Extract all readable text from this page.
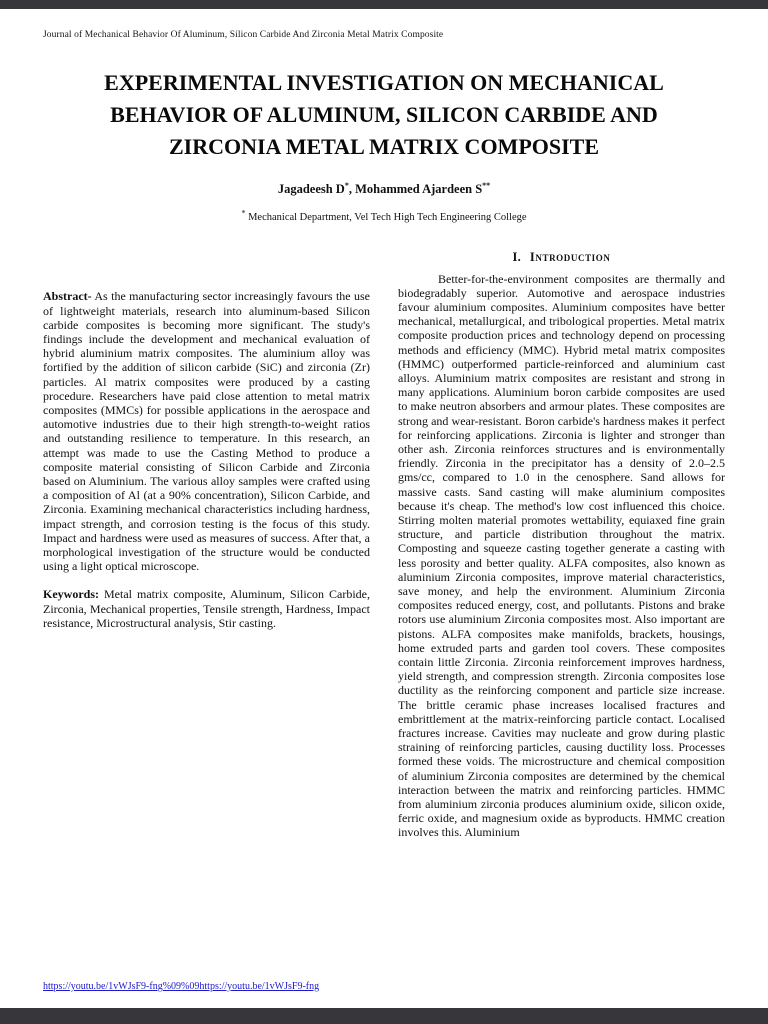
Journal of Mechanical Behavior Of Aluminum, Silicon Carbide And Zirconia Metal Matrix Composite
EXPERIMENTAL INVESTIGATION ON MECHANICAL
BEHAVIOR OF ALUMINUM, SILICON CARBIDE AND
ZIRCONIA METAL MATRIX COMPOSITE
Jagadeesh D*, Mohammed Ajardeen S**
* Mechanical Department, Vel Tech High Tech Engineering College

Abstract- As the manufacturing sector increasingly favours the use of lightweight materials, research into aluminum-based Silicon carbide composites is becoming more significant. The study's findings include the development and mechanical evaluation of hybrid aluminium matrix composites. The aluminium alloy was fortified by the addition of silicon carbide (SiC) and zirconia (Zr) particles. Al matrix composites were produced by a casting procedure. Researchers have paid close attention to metal matrix composites (MMCs) for possible applications in the aerospace and automotive industries due to their high strength-to-weight ratios and outstanding resilience to temperature. In this research, an attempt was made to use the Casting Method to produce a composite material consisting of Silicon Carbide and Zirconia based on Aluminium. The various alloy samples were crafted using a composition of Al (at a 90% concentration), Silicon Carbide, and Zirconia. Examining mechanical characteristics including hardness, impact strength, and corrosion testing is the focus of this study. Impact and hardness were used as measures of success. After that, a morphological investigation of the structure would be conducted using a light optical microscope.

Keywords: Metal matrix composite, Aluminum, Silicon Carbide, Zirconia, Mechanical properties, Tensile strength, Hardness, Impact resistance, Microstructural analysis, Stir casting.

I. Introduction

Better-for-the-environment composites are thermally and biodegradably superior. Automotive and aerospace industries favour aluminium composites. Aluminium composites have better mechanical, metallurgical, and tribological properties. Metal matrix composite production prices and technology depend on processing methods and efficiency (MMC). Hybrid metal matrix composites (HMMC) outperformed particle-reinforced and aluminium cast alloys. Aluminium matrix composites are resistant and strong in many applications. Aluminium boron carbide composites are used to make neutron absorbers and armour plates. These composites are strong and wear-resistant. Boron carbide's hardness makes it perfect for reinforcing applications. Zirconia is lighter and stronger than other ash. Zirconia reinforces structures and is environmentally friendly. Zirconia in the precipitator has a density of 2.0–2.5 gms/cc, compared to 1.0 in the cenosphere. Sand allows for massive casts. Sand casting will make aluminium composites because it's cheap. The method's low cost influenced this choice. Stirring molten material promotes wettability, equiaxed fine grain structure, and particle distribution throughout the matrix. Composting and squeeze casting together generate a casting with less porosity and better quality. ALFA composites, also known as aluminium Zirconia composites, improve material characteristics, save money, and help the environment. Aluminium Zirconia composites reduced energy, cost, and pollutants. Pistons and brake rotors use aluminium Zirconia composites most. Also important are pistons. ALFA composites make manifolds, brackets, housings, home extruded parts and garden tool covers. These composites contain little Zirconia. Zirconia reinforcement improves hardness, yield strength, and compression strength. Zirconia composites lose ductility as the reinforcing component and particle size increase. The brittle ceramic phase increases localised fractures and embrittlement at the matrix-reinforcing particle contact. Localised fractures increase. Cavities may nucleate and grow during plastic straining of reinforcing particles, causing ductility loss. Processes formed these voids. The microstructure and chemical composition of aluminium Zirconia composites are determined by the chemical interaction between the matrix and reinforcing particles. HMMC from aluminium zirconia produces aluminium oxide, silicon oxide, ferric oxide, and magnesium oxide as byproducts. HMMC creation involves this. Aluminium

https://youtu.be/1vWJsF9-fng%09%09https://youtu.be/1vWJsF9-fng
